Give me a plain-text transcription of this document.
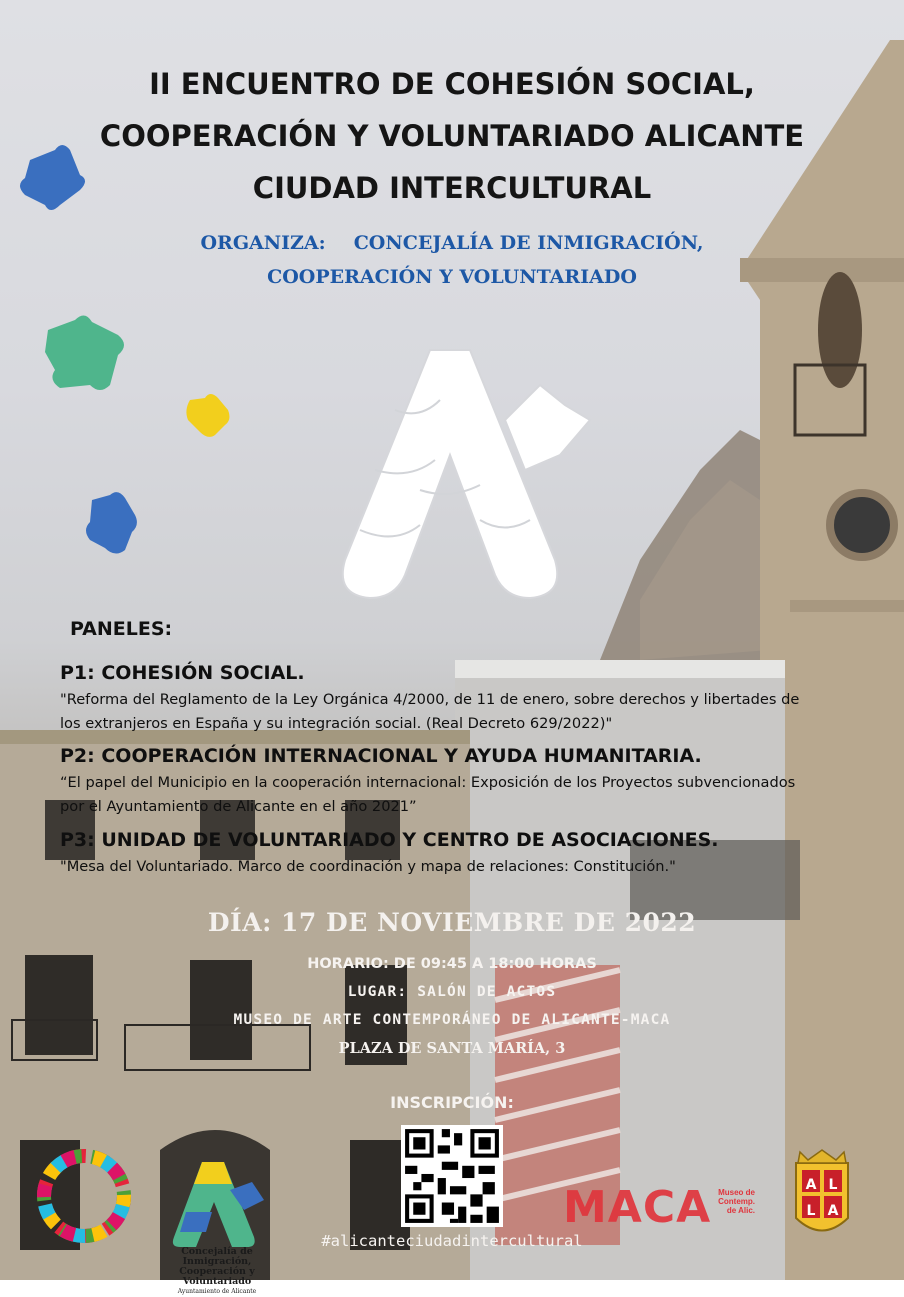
A L
L A
II ENCUENTRO DE COHESIÓN SOCIAL,
COOPERACIÓN Y VOLUNTARIADO ALICANTE
CIUDAD INTERCULTURAL
ORGANIZA: CONCEJALÍA DE INMIGRACIÓN,
COOPERACIÓN Y VOLUNTARIADO
PANELES:
P1: COHESIÓN SOCIAL.

"Reforma del Reglamento de la Ley Orgánica 4/2000, de 11 de enero, sobre derechos y libertades de
los extranjeros en España y su integración social. (Real Decreto 629/2022)"

P2: COOPERACIÓN INTERNACIONAL Y AYUDA HUMANITARIA.

“El papel del Municipio en la cooperación internacional: Exposición de los Proyectos subvencionados
por el Ayuntamiento de Alicante en el año 2021”

P3: UNIDAD DE VOLUNTARIADO Y CENTRO DE ASOCIACIONES.

"Mesa del Voluntariado. Marco de coordinación y mapa de relaciones: Constitución."

DÍA: 17 DE NOVIEMBRE DE 2022
HORARIO: DE 09:45 A 18:00 HORAS
LUGAR: SALÓN DE ACTOS
MUSEO DE ARTE CONTEMPORÁNEO DE ALICANTE-MACA
PLAZA DE SANTA MARÍA, 3
INSCRIPCIÓN:
#alicanteciudadintercultural
Concejalía de Inmigración,
Cooperación y Voluntariado
Ayuntamiento de Alicante
MACA Museo de
Contemp.
de Alic.
